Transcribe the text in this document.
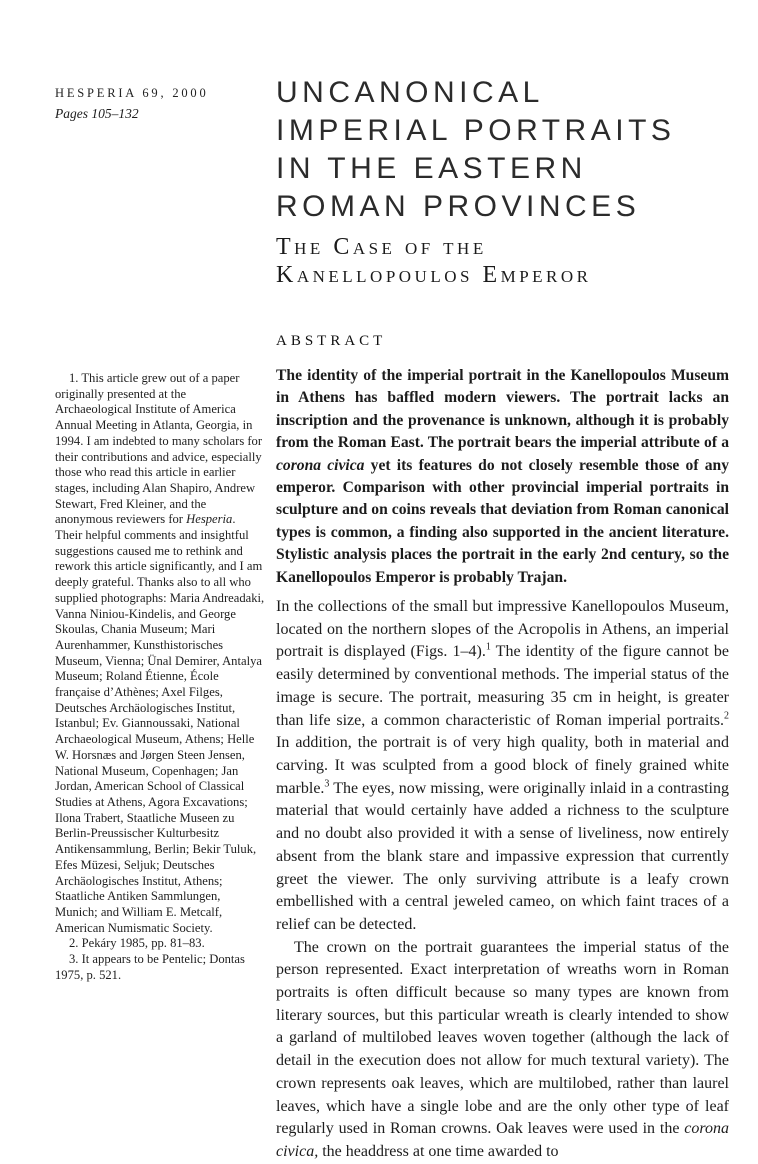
HESPERIA 69, 2000
Pages 105–132

1. This article grew out of a paper originally presented at the Archaeological Institute of America Annual Meeting in Atlanta, Georgia, in 1994. I am indebted to many scholars for their contributions and advice, especially those who read this article in earlier stages, including Alan Shapiro, Andrew Stewart, Fred Kleiner, and the anonymous reviewers for Hesperia. Their helpful comments and insightful suggestions caused me to rethink and rework this article significantly, and I am deeply grateful. Thanks also to all who supplied photographs: Maria Andreadaki, Vanna Niniou-Kindelis, and George Skoulas, Chania Museum; Mari Aurenhammer, Kunsthistorisches Museum, Vienna; Ünal Demirer, Antalya Museum; Roland Étienne, École française d’Athènes; Axel Filges, Deutsches Archäologisches Institut, Istanbul; Ev. Giannoussaki, National Archaeological Museum, Athens; Helle W. Horsnæs and Jørgen Steen Jensen, National Museum, Copenhagen; Jan Jordan, American School of Classical Studies at Athens, Agora Excavations; Ilona Trabert, Staatliche Museen zu Berlin-Preussischer Kulturbesitz Antikensammlung, Berlin; Bekir Tuluk, Efes Müzesi, Seljuk; Deutsches Archäologisches Institut, Athens; Staatliche Antiken Sammlungen, Munich; and William E. Metcalf, American Numismatic Society.

2. Pekáry 1985, pp. 81–83.

3. It appears to be Pentelic; Dontas 1975, p. 521.

UNCANONICAL
IMPERIAL PORTRAITS
IN THE EASTERN
ROMAN PROVINCES
The Case of the
Kanellopoulos Emperor
ABSTRACT
The identity of the imperial portrait in the Kanellopoulos Museum in Athens has baffled modern viewers. The portrait lacks an inscription and the provenance is unknown, although it is probably from the Roman East. The portrait bears the imperial attribute of a corona civica yet its features do not closely resemble those of any emperor. Comparison with other provincial imperial portraits in sculpture and on coins reveals that deviation from Roman canonical types is common, a finding also supported in the ancient literature. Stylistic analysis places the portrait in the early 2nd century, so the Kanellopoulos Emperor is probably Trajan.

In the collections of the small but impressive Kanellopoulos Museum, located on the northern slopes of the Acropolis in Athens, an imperial portrait is displayed (Figs. 1–4).$^1$ The identity of the figure cannot be easily determined by conventional methods. The imperial status of the image is secure. The portrait, measuring 35 cm in height, is greater than life size, a common characteristic of Roman imperial portraits.$^2$ In addition, the portrait is of very high quality, both in material and carving. It was sculpted from a good block of finely grained white marble.$^3$ The eyes, now missing, were originally inlaid in a contrasting material that would certainly have added a richness to the sculpture and no doubt also provided it with a sense of liveliness, now entirely absent from the blank stare and impassive expression that currently greet the viewer. The only surviving attribute is a leafy crown embellished with a central jeweled cameo, on which faint traces of a relief can be detected.

The crown on the portrait guarantees the imperial status of the person represented. Exact interpretation of wreaths worn in Roman portraits is often difficult because so many types are known from literary sources, but this particular wreath is clearly intended to show a garland of multilobed leaves woven together (although the lack of detail in the execution does not allow for much textural variety). The crown represents oak leaves, which are multilobed, rather than laurel leaves, which have a single lobe and are the only other type of leaf regularly used in Roman crowns. Oak leaves were used in the corona civica, the headdress at one time awarded to
